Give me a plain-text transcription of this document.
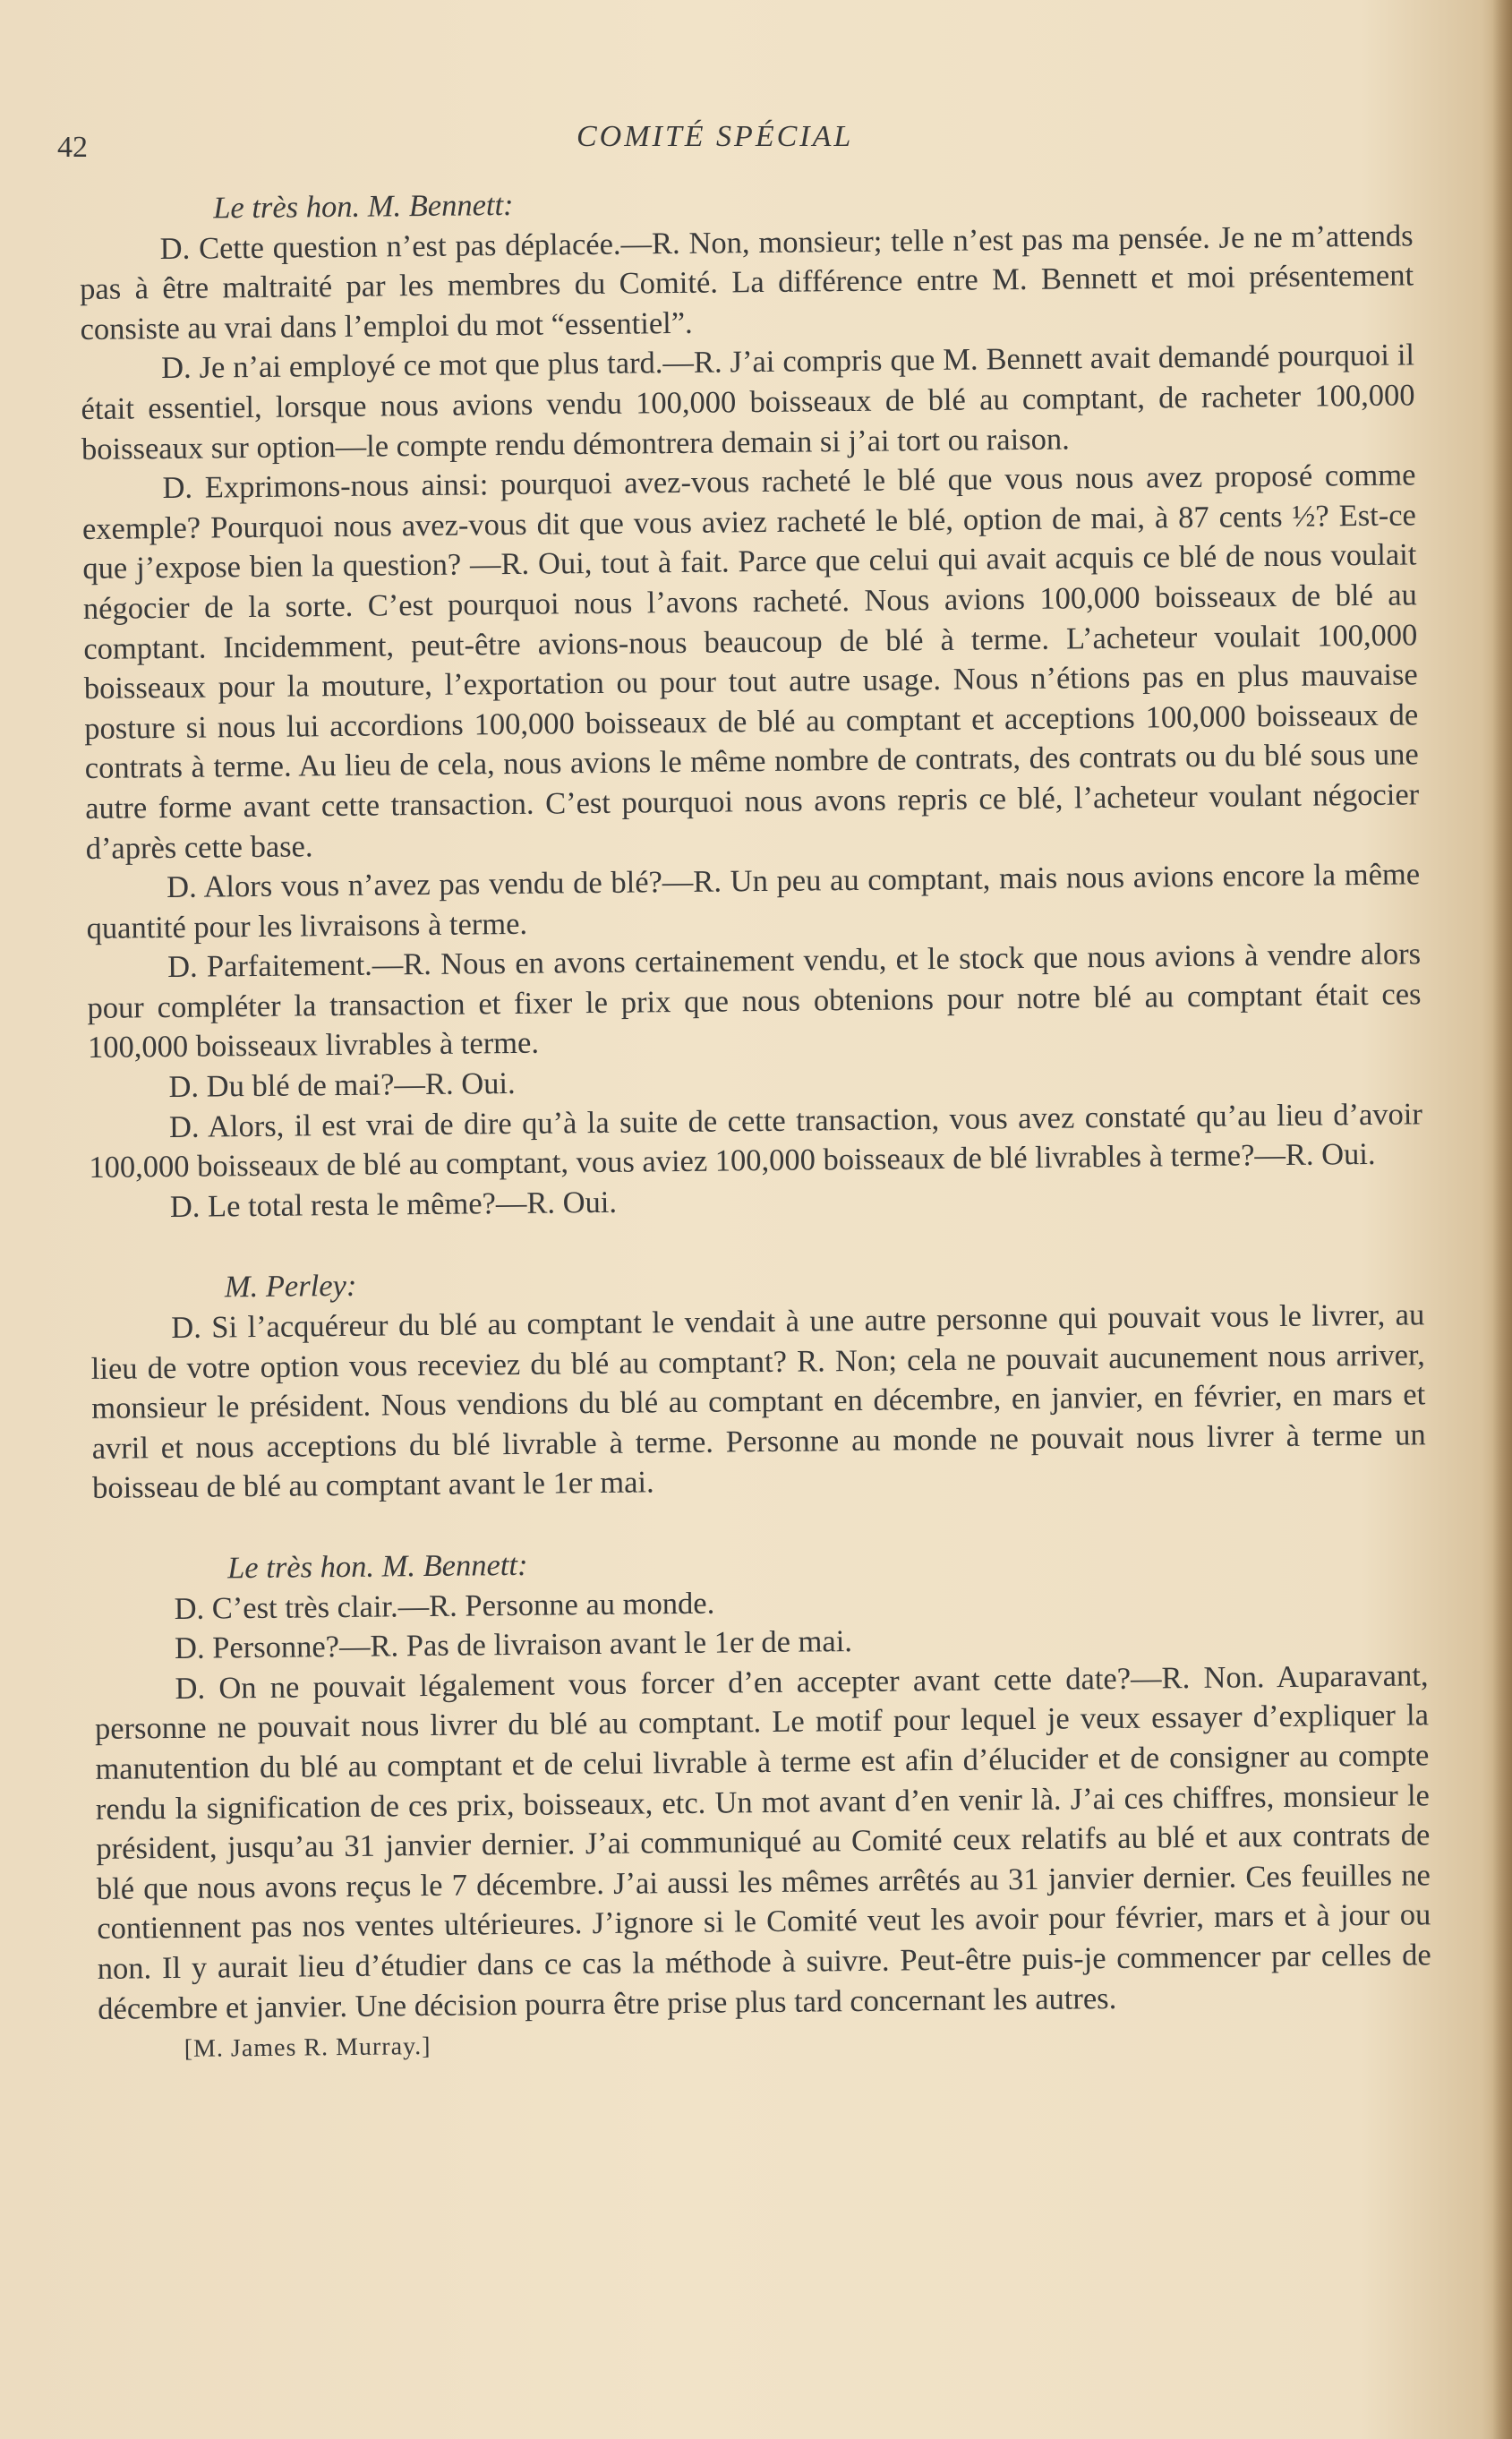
42	COMITÉ SPÉCIAL

Le très hon. M. Bennett:

D. Cette question n’est pas déplacée.—R. Non, monsieur; telle n’est pas ma pensée. Je ne m’attends pas à être maltraité par les membres du Comité. La différence entre M. Bennett et moi présentement consiste au vrai dans l’emploi du mot “essentiel”.

D. Je n’ai employé ce mot que plus tard.—R. J’ai compris que M. Bennett avait demandé pourquoi il était essentiel, lorsque nous avions vendu 100,000 boisseaux de blé au comptant, de racheter 100,000 boisseaux sur option—le compte rendu démontrera demain si j’ai tort ou raison.

D. Exprimons-nous ainsi: pourquoi avez-vous racheté le blé que vous nous avez proposé comme exemple? Pourquoi nous avez-vous dit que vous aviez racheté le blé, option de mai, à 87 cents ½? Est-ce que j’expose bien la question? —R. Oui, tout à fait. Parce que celui qui avait acquis ce blé de nous voulait négocier de la sorte. C’est pourquoi nous l’avons racheté. Nous avions 100,000 boisseaux de blé au comptant. Incidemment, peut-être avions-nous beaucoup de blé à terme. L’acheteur voulait 100,000 boisseaux pour la mouture, l’exportation ou pour tout autre usage. Nous n’étions pas en plus mauvaise posture si nous lui accordions 100,000 boisseaux de blé au comptant et acceptions 100,000 boisseaux de contrats à terme. Au lieu de cela, nous avions le même nombre de contrats, des contrats ou du blé sous une autre forme avant cette transaction. C’est pourquoi nous avons repris ce blé, l’acheteur voulant négocier d’après cette base.

D. Alors vous n’avez pas vendu de blé?—R. Un peu au comptant, mais nous avions encore la même quantité pour les livraisons à terme.

D. Parfaitement.—R. Nous en avons certainement vendu, et le stock que nous avions à vendre alors pour compléter la transaction et fixer le prix que nous obtenions pour notre blé au comptant était ces 100,000 boisseaux livrables à terme.

D. Du blé de mai?—R. Oui.

D. Alors, il est vrai de dire qu’à la suite de cette transaction, vous avez constaté qu’au lieu d’avoir 100,000 boisseaux de blé au comptant, vous aviez 100,000 boisseaux de blé livrables à terme?—R. Oui.

D. Le total resta le même?—R. Oui.

M. Perley:

D. Si l’acquéreur du blé au comptant le vendait à une autre personne qui pouvait vous le livrer, au lieu de votre option vous receviez du blé au comptant? R. Non; cela ne pouvait aucunement nous arriver, monsieur le président. Nous vendions du blé au comptant en décembre, en janvier, en février, en mars et avril et nous acceptions du blé livrable à terme. Personne au monde ne pouvait nous livrer à terme un boisseau de blé au comptant avant le 1er mai.

Le très hon. M. Bennett:

D. C’est très clair.—R. Personne au monde.

D. Personne?—R. Pas de livraison avant le 1er de mai.

D. On ne pouvait légalement vous forcer d’en accepter avant cette date?—R. Non. Auparavant, personne ne pouvait nous livrer du blé au comptant. Le motif pour lequel je veux essayer d’expliquer la manutention du blé au comptant et de celui livrable à terme est afin d’élucider et de consigner au compte rendu la signification de ces prix, boisseaux, etc. Un mot avant d’en venir là. J’ai ces chiffres, monsieur le président, jusqu’au 31 janvier dernier. J’ai communiqué au Comité ceux relatifs au blé et aux contrats de blé que nous avons reçus le 7 décembre. J’ai aussi les mêmes arrêtés au 31 janvier dernier. Ces feuilles ne contiennent pas nos ventes ultérieures. J’ignore si le Comité veut les avoir pour février, mars et à jour ou non. Il y aurait lieu d’étudier dans ce cas la méthode à suivre. Peut-être puis-je commencer par celles de décembre et janvier. Une décision pourra être prise plus tard concernant les autres.

[M. James R. Murray.]
